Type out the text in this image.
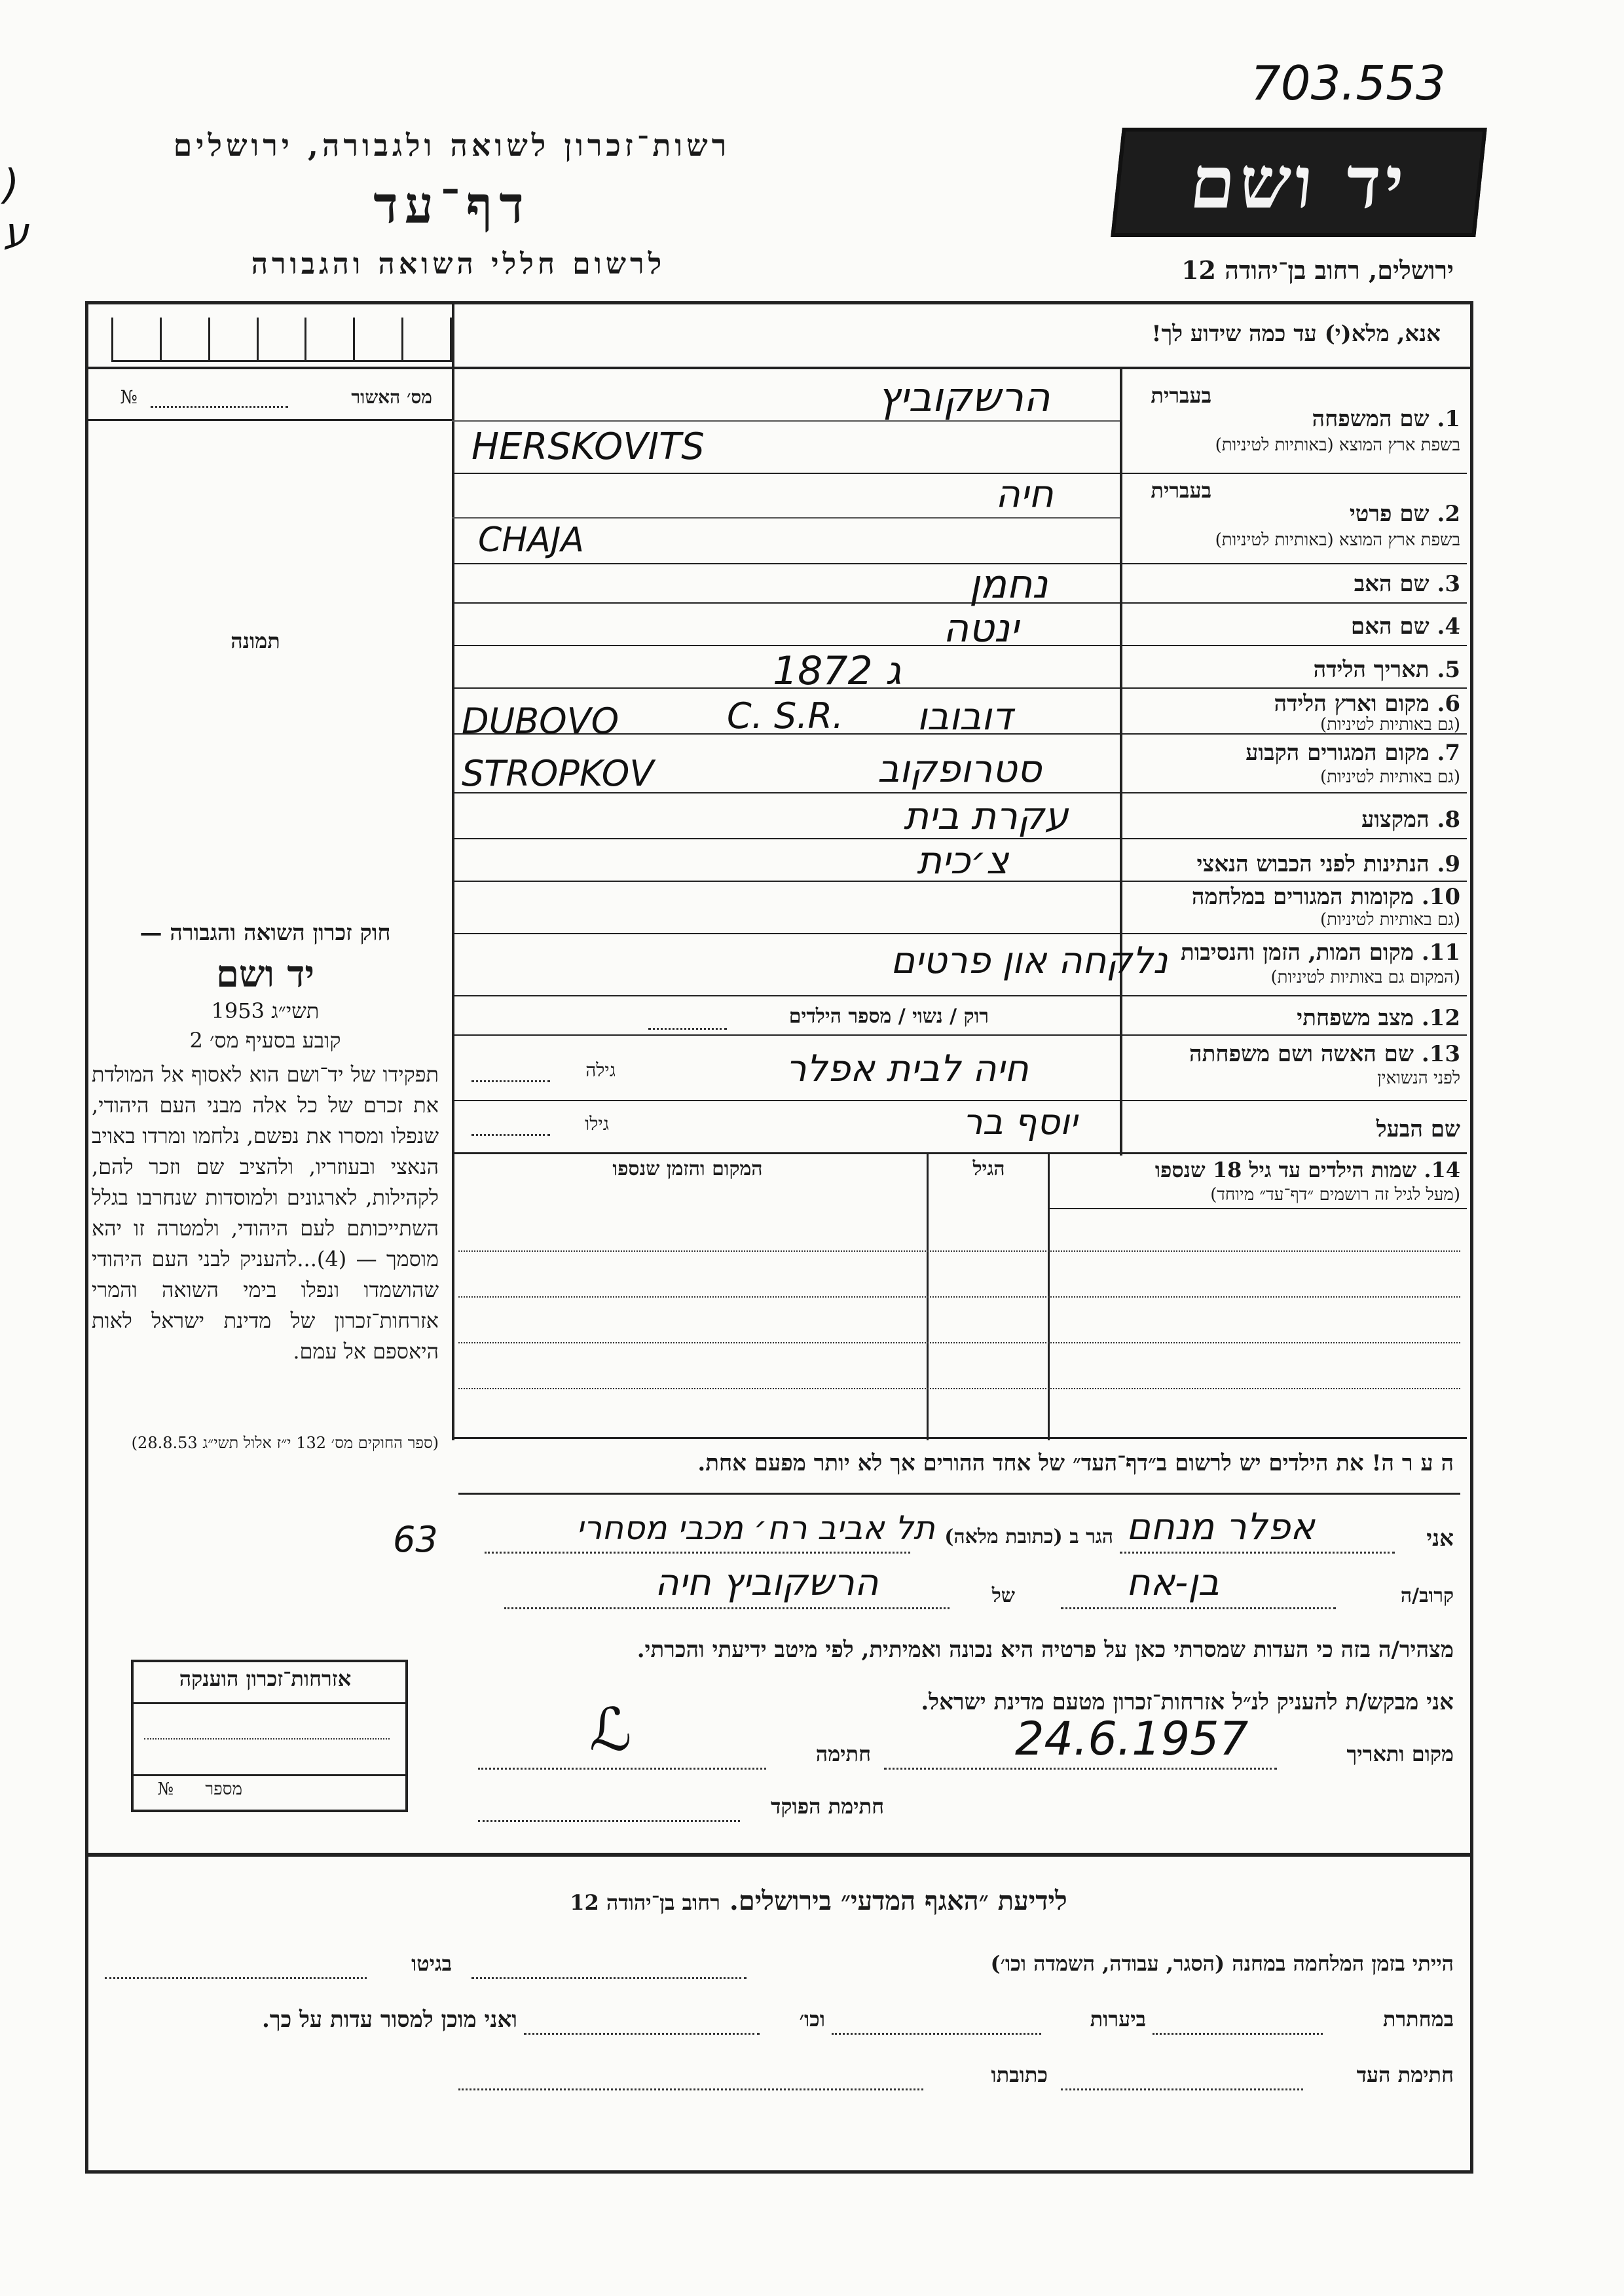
703.553
)
ע
רשות־זכרון לשואה ולגבורה, ירושלים
דף־עד
לרשום חללי השואה והגבורה
יד ושם
ירושלים, רחוב בן־יהודה 12
אנא, מלא(י) עד כמה שידוע לך!
מס׳ האשור
№
תמונה
בעברית
1. שם המשפחה
בשפת ארץ המוצא (באותיות לטיניות)
בעברית
2. שם פרטי
בשפת ארץ המוצא (באותיות לטיניות)
3. שם האב
4. שם האם
5. תאריך הלידה
6. מקום וארץ הלידה
(גם באותיות לטיניות)
7. מקום המגורים הקבוע
(גם באותיות לטיניות)
8. המקצוע
9. הנתינות לפני הכבוש הנאצי
10. מקומות המגורים במלחמה
(גם באותיות לטיניות)
11. מקום המות, הזמן והנסיבות
(המקום גם באותיות לטיניות)
12. מצב משפחתי
13. שם האשה ושם משפחתה
לפני הנשואין
שם הבעל
הרשקוביץ
HERSKOVITS
חיה
CHAJA
נחמן
ינטה
1872 ג
DUBOVO	C. S.R. דובובו
STROPKOV	סטרופקוב
עקרת בית
צ׳כית
נלקחה און פרטים
רוק / נשוי / מספר הילדים
חיה לבית אפלר
גילה
יוסף בר
גילו
חוק זכרון השואה והגבורה —
יד ושם
תשי״ג 1953
קובע בסעיף מס׳ 2
תפקידו של יד־ושם הוא לאסוף אל המולדת את זכרם של כל אלה מבני העם היהודי, שנפלו ומסרו את נפשם, נלחמו ומרדו באויב הנאצי ובעוזריו, ולהציב שם וזכר להם, לקהילות, לארגונים ולמוסדות שנחרבו בגלל השתייכותם לעם היהודי, ולמטרה זו יהא מוסמך — (4)...להעניק לבני העם היהודי שהושמדו ונפלו בימי השואה והמרי אזרחות־זכרון של מדינת ישראל לאות היאספם אל עמם.
(ספר החוקים מס׳ 132 י״ז אלול תשי״ג 28.8.53)
14. שמות הילדים עד גיל 18 שנספו
(מעל לגיל זה רושמים ״דף־עד״ מיוחד)
הגיל
המקום והזמן שנספו
ה ע ר ה! את הילדים יש לרשום ב״דף־העד״ של אחד ההורים אך לא יותר מפעם אחת.
אני
אפלר מנחם
הגר ב (כתובת מלאה)
תל אביב רח׳ מכבי מסחרי
63
קרוב/ה
בן-אח
של
הרשקוביץ חיה
מצהיר/ה בזה כי העדות שמסרתי כאן על פרטיה היא נכונה ואמיתית, לפי מיטב ידיעתי והכרתי.
אני מבקש/ת להעניק לנ״ל אזרחות־זכרון מטעם מדינת ישראל.
מקום ותאריך
24.6.1957
חתימה
ℒ
חתימת הפוקד
אזרחות־זכרון הוענקה
מספר
№
לידיעת ״האגף המדעי״ בירושלים. רחוב בן־יהודה 12
הייתי בזמן המלחמה במחנה (הסגר, עבודה, השמדה וכו׳)
בגיטו
במחתרת
ביערות
וכו׳
ואני מוכן למסור עדות על כך.
חתימת העד
כתובתו
